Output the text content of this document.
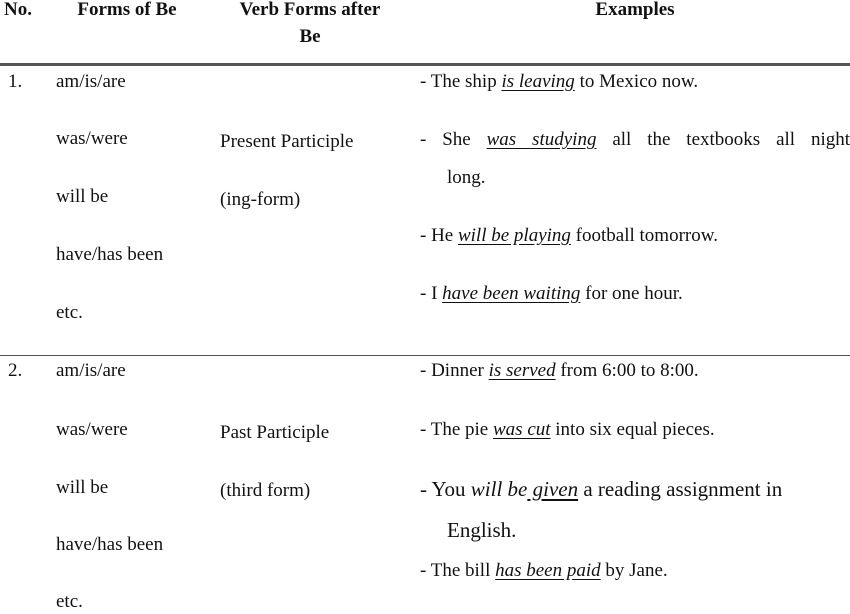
No.	Forms of Be	Verb Forms after
Be
Examples
1. am/is/are
was/were
will be
have/has been
etc.
Present Participle
(ing-form)
- The ship is leaving to Mexico now.
- She was studying all the textbooks all night
long.
- He will be playing football tomorrow.
- I have been waiting for one hour.
2. am/is/are
was/were
will be
have/has been
etc.
Past Participle
(third form)
- Dinner is served from 6:00 to 8:00.
- The pie was cut into six equal pieces.
- You will be given a reading assignment in
English.
- The bill has been paid by Jane.
